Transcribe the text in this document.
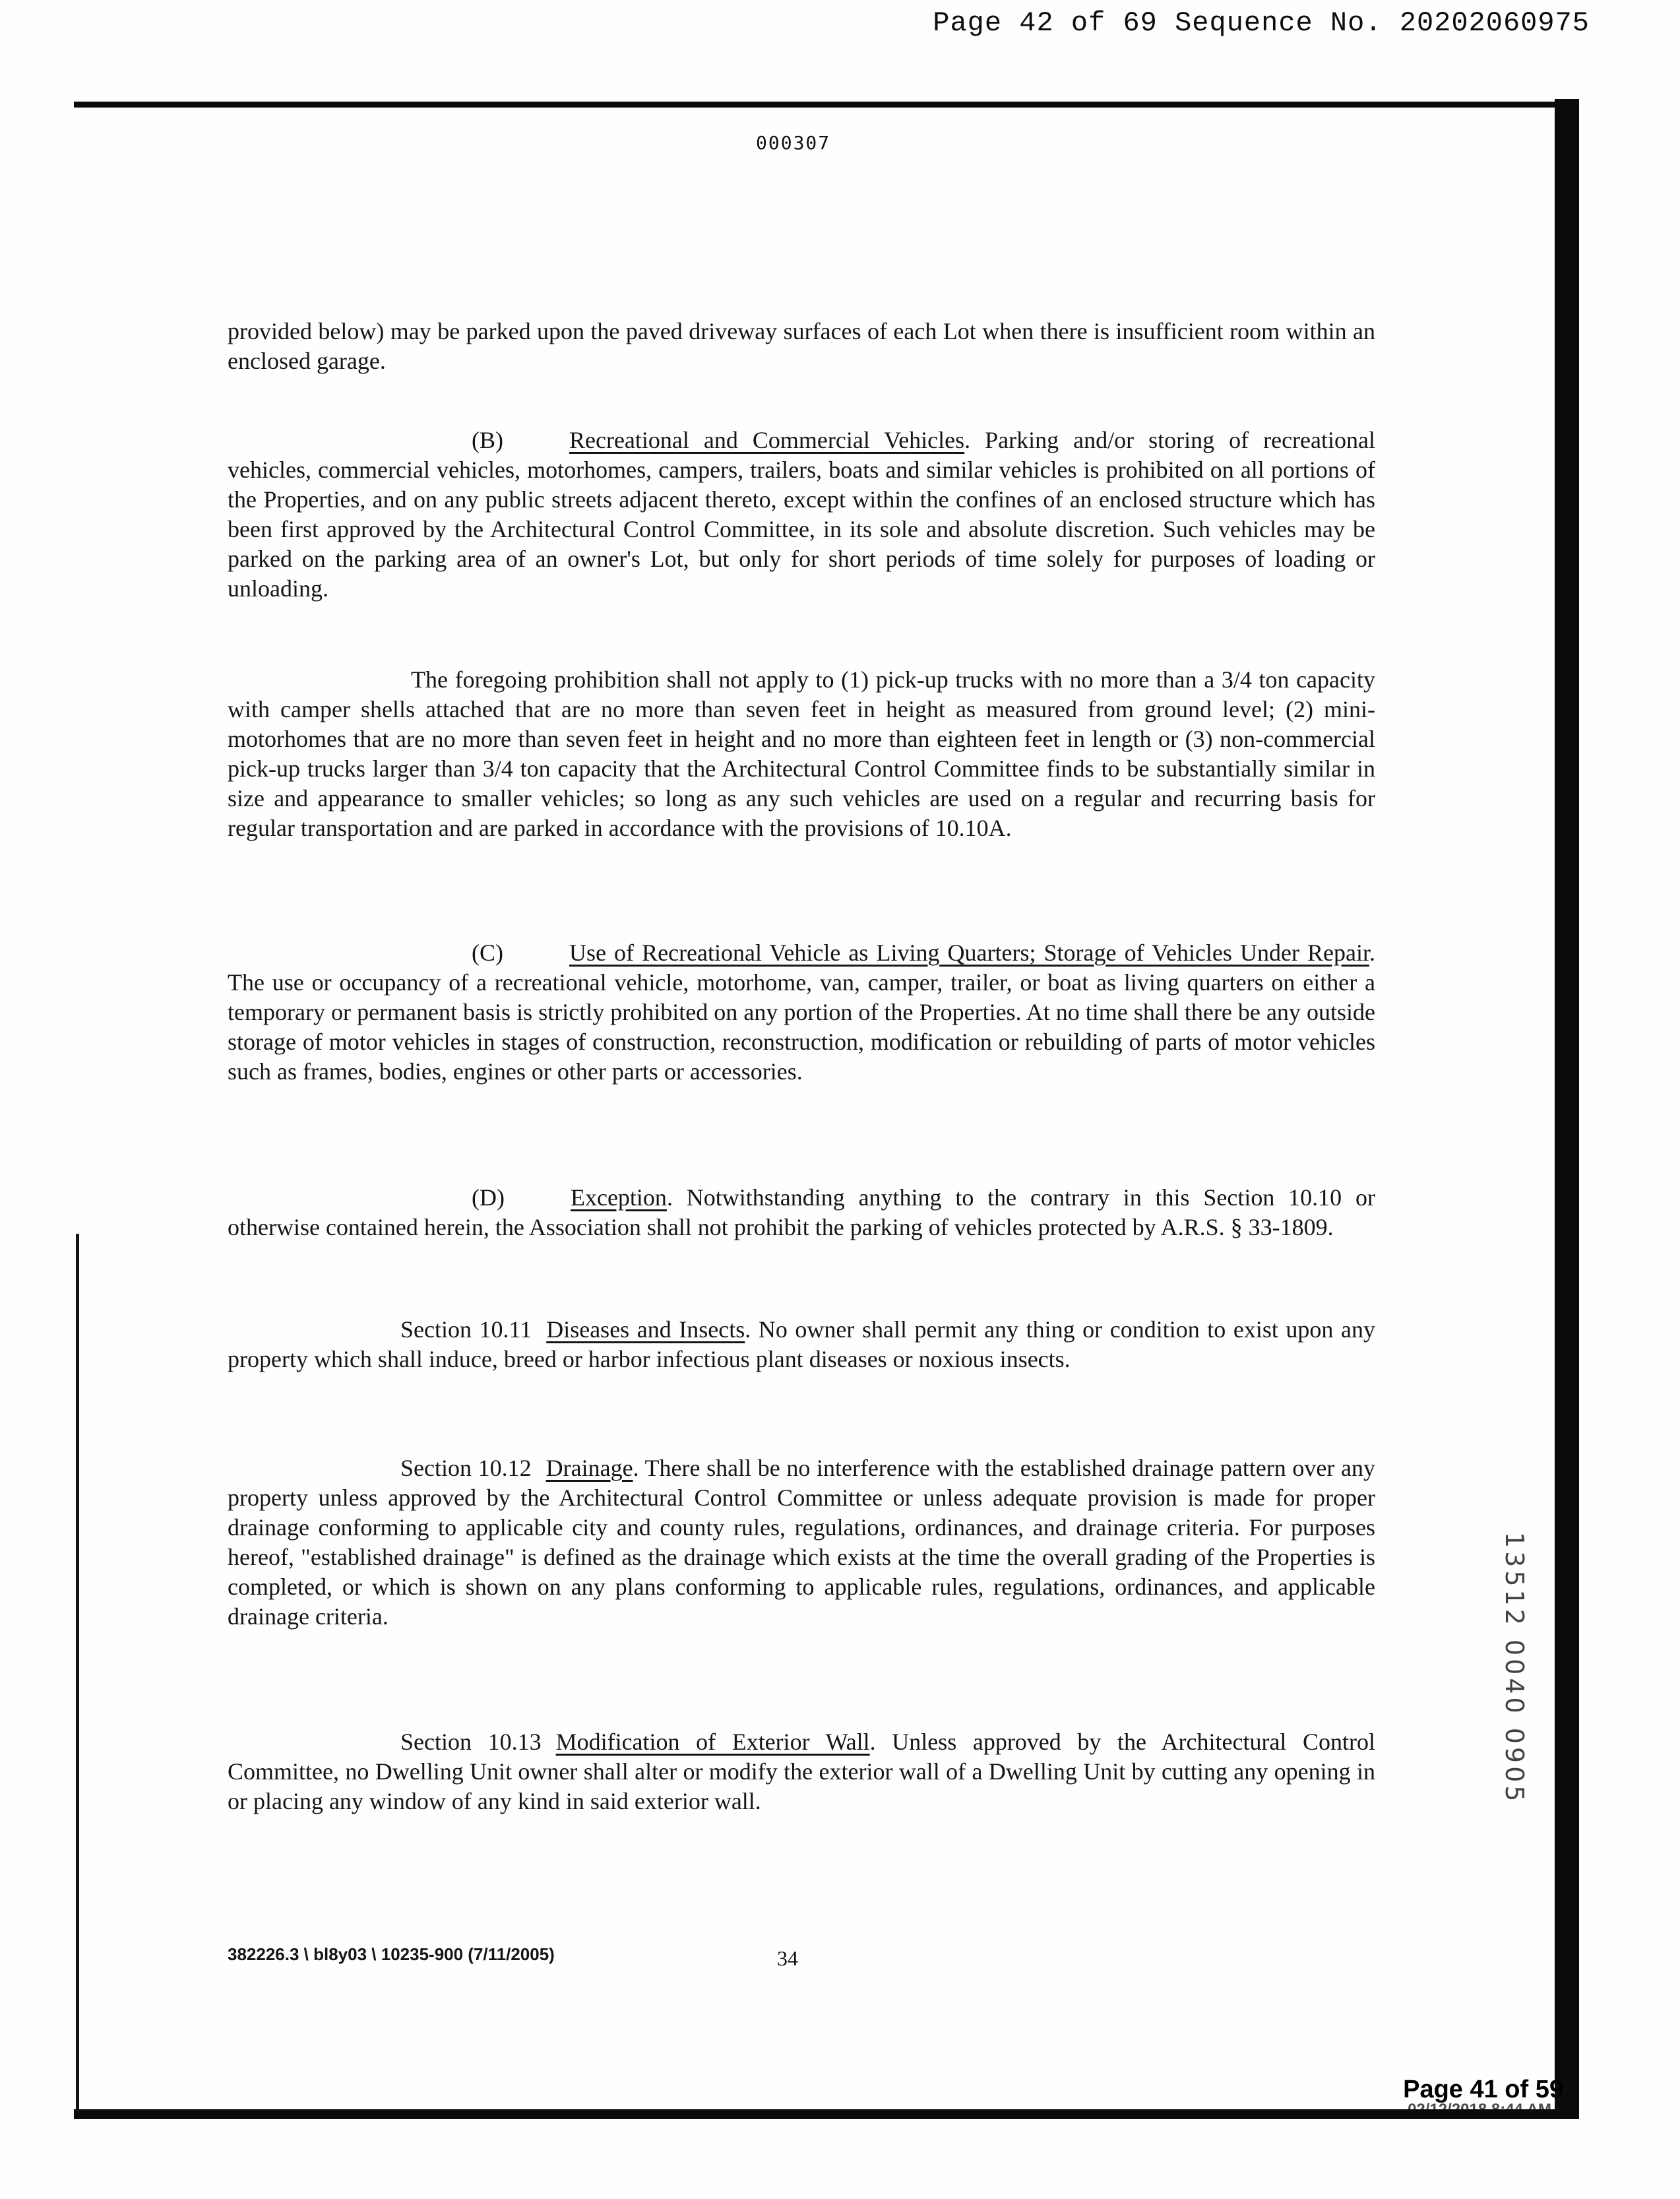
Page 42 of 69 Sequence No. 20202060975
000307
provided below) may be parked upon the paved driveway surfaces of each Lot when there is insufficient room within an enclosed garage.
(B)	Recreational and Commercial Vehicles. Parking and/or storing of recreational vehicles, commercial vehicles, motorhomes, campers, trailers, boats and similar vehicles is prohibited on all portions of the Properties, and on any public streets adjacent thereto, except within the confines of an enclosed structure which has been first approved by the Architectural Control Committee, in its sole and absolute discretion. Such vehicles may be parked on the parking area of an owner's Lot, but only for short periods of time solely for purposes of loading or unloading.
The foregoing prohibition shall not apply to (1) pick-up trucks with no more than a 3/4 ton capacity with camper shells attached that are no more than seven feet in height as measured from ground level; (2) mini-motorhomes that are no more than seven feet in height and no more than eighteen feet in length or (3) non-commercial pick-up trucks larger than 3/4 ton capacity that the Architectural Control Committee finds to be substantially similar in size and appearance to smaller vehicles; so long as any such vehicles are used on a regular and recurring basis for regular transportation and are parked in accordance with the provisions of 10.10A.
(C)	Use of Recreational Vehicle as Living Quarters; Storage of Vehicles Under Repair. The use or occupancy of a recreational vehicle, motorhome, van, camper, trailer, or boat as living quarters on either a temporary or permanent basis is strictly prohibited on any portion of the Properties. At no time shall there be any outside storage of motor vehicles in stages of construction, reconstruction, modification or rebuilding of parts of motor vehicles such as frames, bodies, engines or other parts or accessories.
(D)	Exception. Notwithstanding anything to the contrary in this Section 10.10 or otherwise contained herein, the Association shall not prohibit the parking of vehicles protected by A.R.S. § 33-1809.
Section 10.11 Diseases and Insects. No owner shall permit any thing or condition to exist upon any property which shall induce, breed or harbor infectious plant diseases or noxious insects.
Section 10.12 Drainage. There shall be no interference with the established drainage pattern over any property unless approved by the Architectural Control Committee or unless adequate provision is made for proper drainage conforming to applicable city and county rules, regulations, ordinances, and drainage criteria. For purposes hereof, "established drainage" is defined as the drainage which exists at the time the overall grading of the Properties is completed, or which is shown on any plans conforming to applicable rules, regulations, ordinances, and applicable drainage criteria.
Section 10.13 Modification of Exterior Wall. Unless approved by the Architectural Control Committee, no Dwelling Unit owner shall alter or modify the exterior wall of a Dwelling Unit by cutting any opening in or placing any window of any kind in said exterior wall.
382226.3 \ bl8y03 \ 10235-900 (7/11/2005)	34
Page 41 of 59
13512 0040 0905
